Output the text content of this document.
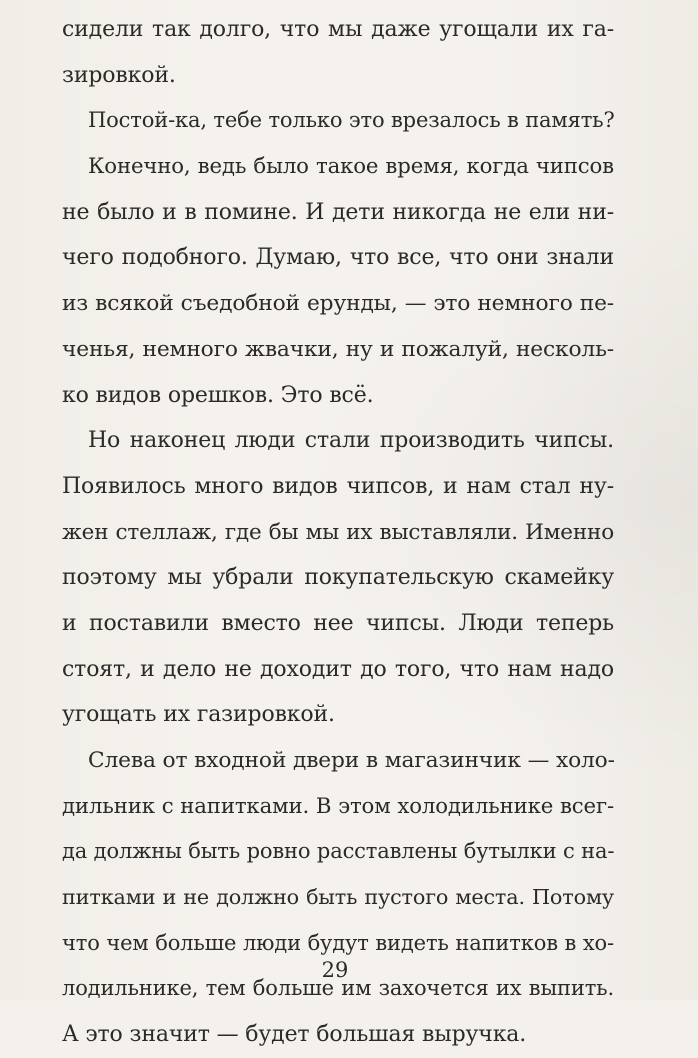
сидели так долго, что мы даже угощали их га-
зировкой.
Постой-ка, тебе только это врезалось в память?
Конечно, ведь было такое время, когда чипсов
не было и в помине. И дети никогда не ели ни-
чего подобного. Думаю, что все, что они знали
из всякой съедобной ерунды, — это немного пе-
ченья, немного жвачки, ну и пожалуй, несколь-
ко видов орешков. Это всё.
Но наконец люди стали производить чипсы.
Появилось много видов чипсов, и нам стал ну-
жен стеллаж, где бы мы их выставляли. Именно
поэтому мы убрали покупательскую скамейку
и поставили вместо нее чипсы. Люди теперь
стоят, и дело не доходит до того, что нам надо
угощать их газировкой.
Слева от входной двери в магазинчик — холо-
дильник с напитками. В этом холодильнике всег-
да должны быть ровно расставлены бутылки с на-
питками и не должно быть пустого места. Потому
что чем больше люди будут видеть напитков в хо-
лодильнике, тем больше им захочется их выпить.
А это значит — будет большая выручка.
29
